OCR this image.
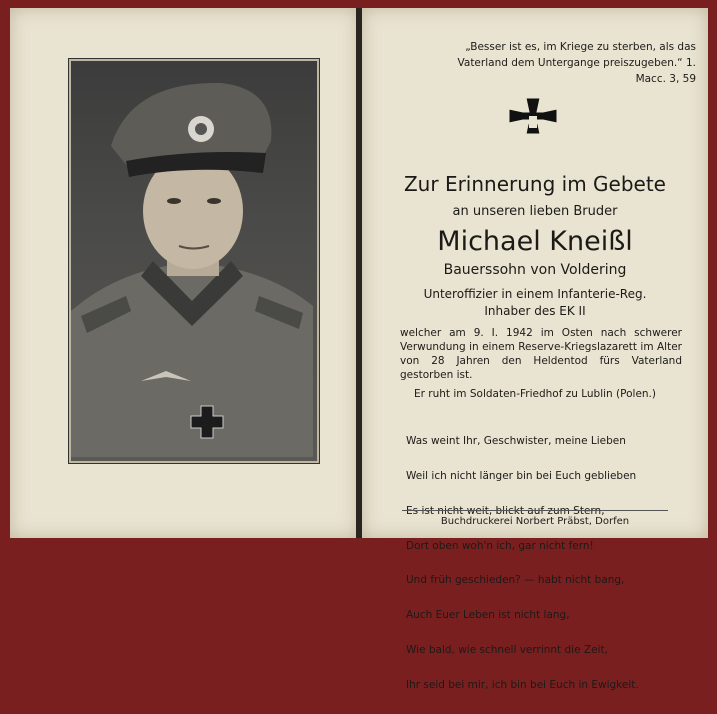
„Besser ist es, im Kriege zu sterben, als das Vaterland dem Untergange preiszugeben.“ 1. Macc. 3, 59
Zur Erinnerung im Gebete
an unseren lieben Bruder
Michael Kneißl
Bauerssohn von Voldering
Unteroffizier in einem Infanterie-Reg.
Inhaber des EK II
welcher am 9. I. 1942 im Osten nach schwerer Verwundung in einem Reserve-Kriegslazarett im Alter von 28 Jahren den Heldentod fürs Vaterland gestorben ist.
Er ruht im Soldaten-Friedhof zu Lublin (Polen.)

Was weint Ihr, Geschwister, meine Lieben

Weil ich nicht länger bin bei Euch geblieben

Es ist nicht weit, blickt auf zum Stern,

Dort oben woh'n ich, gar nicht fern!

Und früh geschieden? — habt nicht bang,

Auch Euer Leben ist nicht lang,

Wie bald, wie schnell verrinnt die Zeit,

Ihr seid bei mir, ich bin bei Euch in Ewigkeit.

Buchdruckerei Norbert Präbst, Dorfen
